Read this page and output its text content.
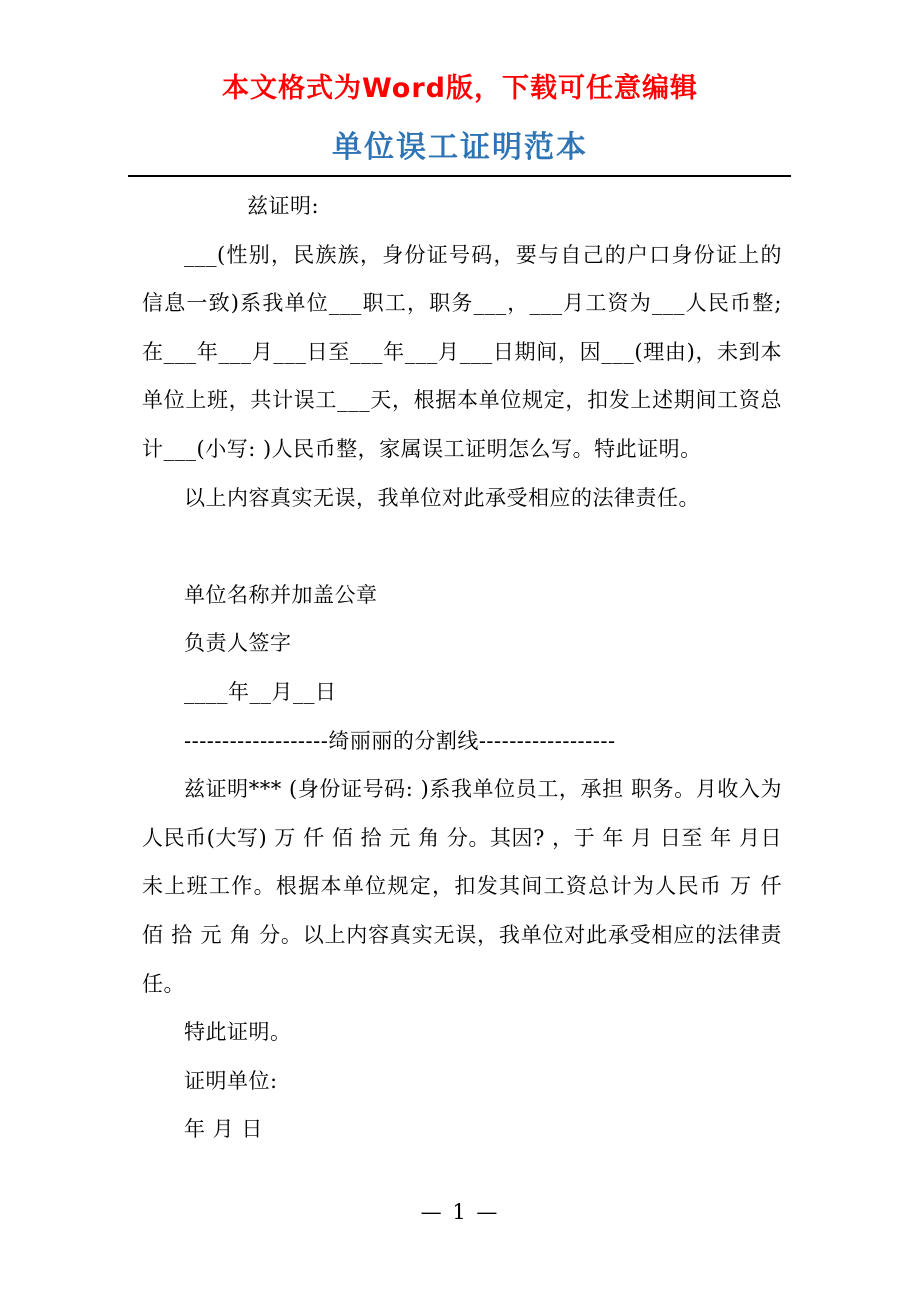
本文格式为Word版，下载可任意编辑
单位误工证明范本

兹证明:

___(性别，民族族，身份证号码，要与自己的户口身份证上的信息一致)系我单位___职工，职务___，___月工资为___人民币整; 在___年___月___日至___年___月___日期间，因___(理由)，未到本单位上班，共计误工___天，根据本单位规定，扣发上述期间工资总计___(小写: )人民币整，家属误工证明怎么写。特此证明。

以上内容真实无误，我单位对此承受相应的法律责任。

单位名称并加盖公章

负责人签字

____年__月__日

-------------------绮丽丽的分割线------------------

兹证明*** (身份证号码: )系我单位员工，承担 职务。月收入为人民币(大写) 万 仟 佰 拾 元 角 分。其因? ，于 年 月 日至 年 月日未上班工作。根据本单位规定，扣发其间工资总计为人民币 万 仟 佰 拾 元 角 分。以上内容真实无误，我单位对此承受相应的法律责任。

特此证明。

证明单位:

年 月 日

— 1 —
